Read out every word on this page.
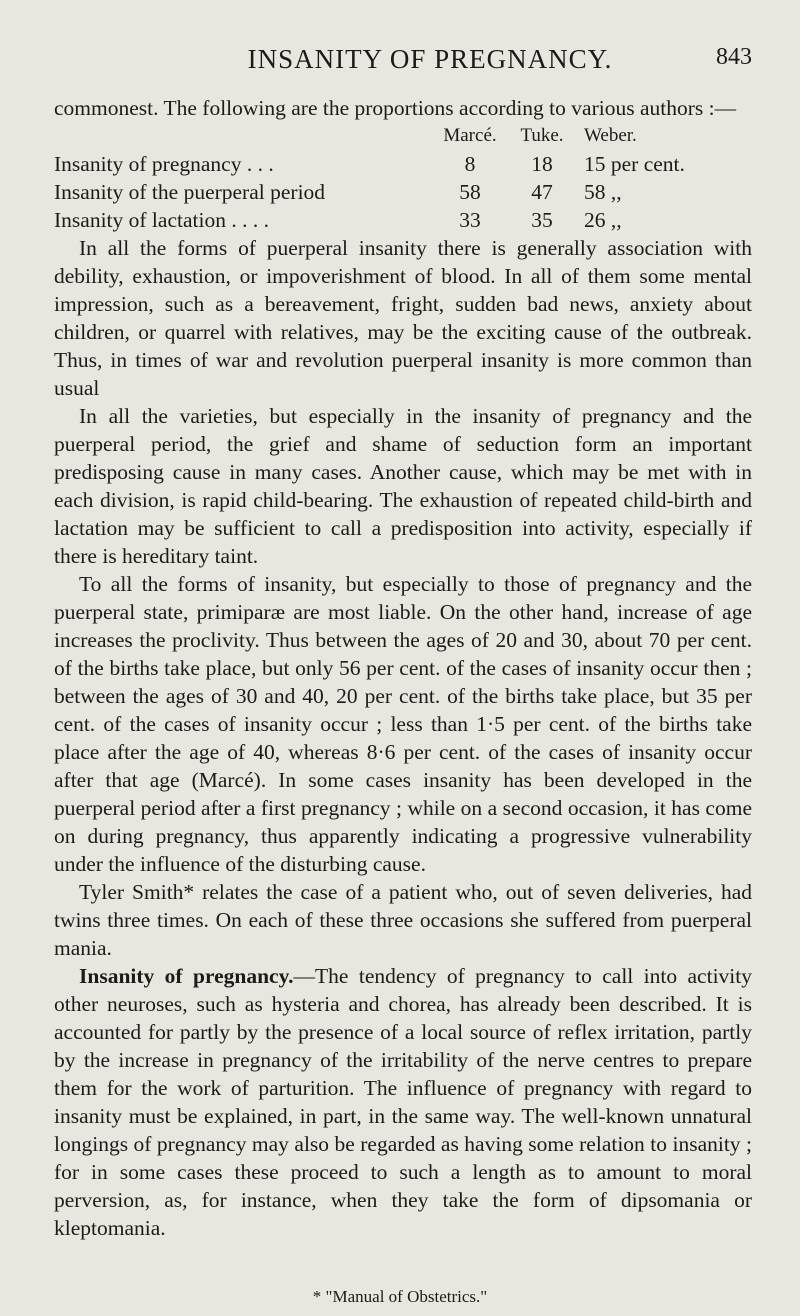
INSANITY OF PREGNANCY.	843

commonest. The following are the proportions according to various authors :—

	Marcé.	Tuke.	Weber.
Insanity of pregnancy . . .	8	18	15 per cent.
Insanity of the puerperal period	58	47	58 ,,
Insanity of lactation . . . .	33	35	26 ,,

In all the forms of puerperal insanity there is generally association with debility, exhaustion, or impoverishment of blood. In all of them some mental impression, such as a bereavement, fright, sudden bad news, anxiety about children, or quarrel with relatives, may be the exciting cause of the outbreak. Thus, in times of war and revolution puerperal insanity is more common than usual

In all the varieties, but especially in the insanity of pregnancy and the puerperal period, the grief and shame of seduction form an important predisposing cause in many cases. Another cause, which may be met with in each division, is rapid child-bearing. The exhaustion of repeated child-birth and lactation may be sufficient to call a predisposition into activity, especially if there is hereditary taint.

To all the forms of insanity, but especially to those of pregnancy and the puerperal state, primiparæ are most liable. On the other hand, increase of age increases the proclivity. Thus between the ages of 20 and 30, about 70 per cent. of the births take place, but only 56 per cent. of the cases of insanity occur then ; between the ages of 30 and 40, 20 per cent. of the births take place, but 35 per cent. of the cases of insanity occur ; less than 1·5 per cent. of the births take place after the age of 40, whereas 8·6 per cent. of the cases of insanity occur after that age (Marcé). In some cases insanity has been developed in the puerperal period after a first pregnancy ; while on a second occasion, it has come on during pregnancy, thus apparently indicating a progressive vulnerability under the influence of the disturbing cause.

Tyler Smith* relates the case of a patient who, out of seven deliveries, had twins three times. On each of these three occasions she suffered from puerperal mania.

Insanity of pregnancy.—The tendency of pregnancy to call into activity other neuroses, such as hysteria and chorea, has already been described. It is accounted for partly by the presence of a local source of reflex irritation, partly by the increase in pregnancy of the irritability of the nerve centres to prepare them for the work of parturition. The influence of pregnancy with regard to insanity must be explained, in part, in the same way. The well-known unnatural longings of pregnancy may also be regarded as having some relation to insanity ; for in some cases these proceed to such a length as to amount to moral perversion, as, for instance, when they take the form of dipsomania or kleptomania.

* "Manual of Obstetrics."
